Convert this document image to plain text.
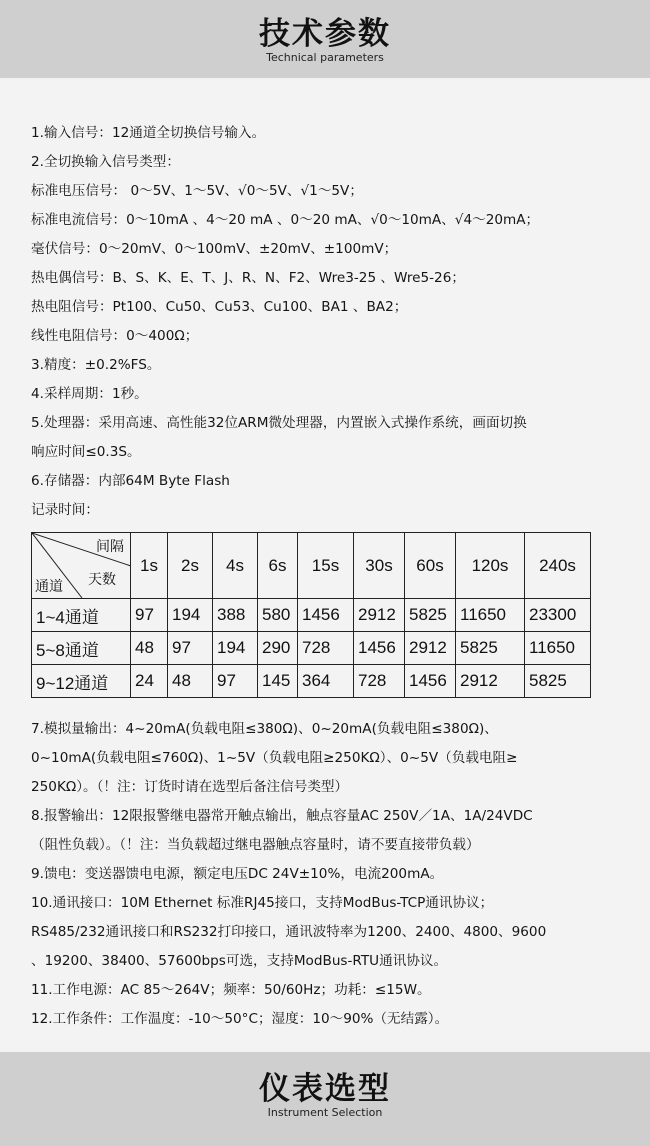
技术参数
Technical parameters
1.输入信号：12通道全切换信号输入。
2.全切换输入信号类型：
标准电压信号： 0～5V、1～5V、√0～5V、√1～5V；
标准电流信号：0～10mA 、4～20 mA 、0～20 mA、√0～10mA、√4～20mA；
毫伏信号：0～20mV、0～100mV、±20mV、±100mV；
热电偶信号：B、S、K、E、T、J、R、N、F2、Wre3-25 、Wre5-26；
热电阻信号：Pt100、Cu50、Cu53、Cu100、BA1 、BA2；
线性电阻信号：0～400Ω；
3.精度：±0.2%FS。
4.采样周期：1秒。
5.处理器：采用高速、高性能32位ARM微处理器，内置嵌入式操作系统，画面切换
响应时间≤0.3S。
6.存储器：内部64M Byte Flash
记录时间：
间隔
天数
通道	1s	2s	4s	6s	15s	30s	60s	120s	240s
1~4通道	97	194	388	580	1456	2912	5825	11650	23300
5~8通道	48	97	194	290	728	1456	2912	5825	11650
9~12通道	24	48	97	145	364	728	1456	2912	5825
7.模拟量输出：4~20mA(负载电阻≤380Ω)、0~20mA(负载电阻≤380Ω)、
0~10mA(负载电阻≤760Ω)、1~5V（负载电阻≥250KΩ）、0~5V（负载电阻≥
250KΩ）。（！注：订货时请在选型后备注信号类型）
8.报警输出：12限报警继电器常开触点输出，触点容量AC 250V／1A、1A/24VDC
（阻性负载）。（！注：当负载超过继电器触点容量时，请不要直接带负载）
9.馈电：变送器馈电电源，额定电压DC 24V±10%，电流200mA。
10.通讯接口：10M Ethernet 标准RJ45接口，支持ModBus-TCP通讯协议；
RS485/232通讯接口和RS232打印接口，通讯波特率为1200、2400、4800、9600
、19200、38400、57600bps可选，支持ModBus-RTU通讯协议。
11.工作电源：AC 85～264V；频率：50/60Hz；功耗：≤15W。
12.工作条件：工作温度：-10～50°C；湿度：10～90%（无结露）。
仪表选型
Instrument Selection
